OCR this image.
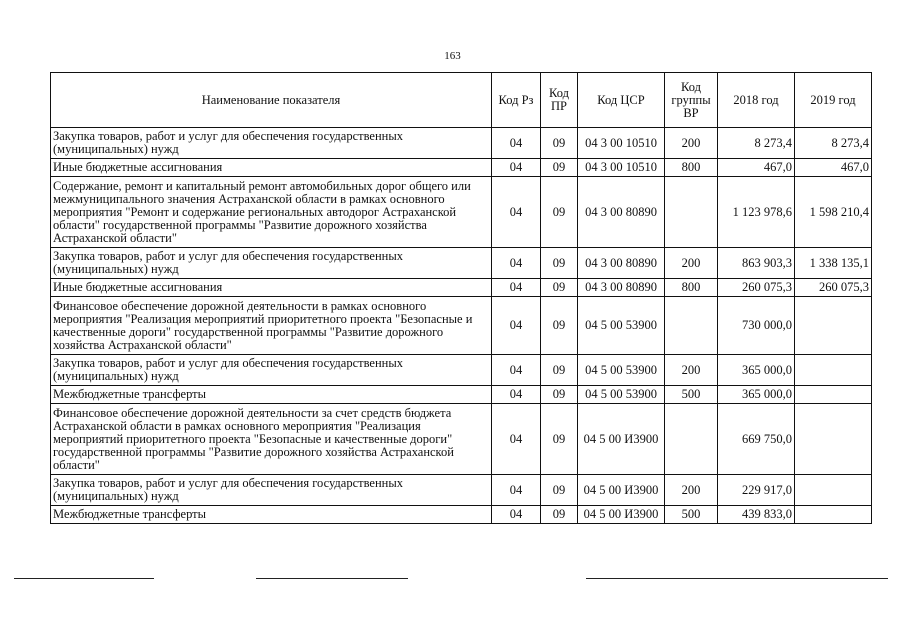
163
Наименование показателя	Код Рз	Код ПР	Код ЦСР	Код группы ВР	2018 год	2019 год
Закупка товаров, работ и услуг для обеспечения государственных (муниципальных) нужд	04	09	04 3 00 10510	200	8 273,4	8 273,4
Иные бюджетные ассигнования	04	09	04 3 00 10510	800	467,0	467,0
Содержание, ремонт и капитальный ремонт автомобильных дорог общего или межмуниципального значения Астраханской области в рамках основного мероприятия "Ремонт и содержание региональных автодорог Астраханской области" государственной программы "Развитие дорожного хозяйства Астраханской области"	04	09	04 3 00 80890		1 123 978,6	1 598 210,4
Закупка товаров, работ и услуг для обеспечения государственных (муниципальных) нужд	04	09	04 3 00 80890	200	863 903,3	1 338 135,1
Иные бюджетные ассигнования	04	09	04 3 00 80890	800	260 075,3	260 075,3
Финансовое обеспечение дорожной деятельности в рамках основного мероприятия "Реализация мероприятий приоритетного проекта "Безопасные и качественные дороги" государственной программы "Развитие дорожного хозяйства Астраханской области"	04	09	04 5 00 53900		730 000,0	
Закупка товаров, работ и услуг для обеспечения государственных (муниципальных) нужд	04	09	04 5 00 53900	200	365 000,0	
Межбюджетные трансферты	04	09	04 5 00 53900	500	365 000,0	
Финансовое обеспечение дорожной деятельности за счет средств бюджета Астраханской области в рамках основного мероприятия "Реализация мероприятий приоритетного проекта "Безопасные и качественные дороги" государственной программы "Развитие дорожного хозяйства Астраханской области"	04	09	04 5 00 И3900		669 750,0	
Закупка товаров, работ и услуг для обеспечения государственных (муниципальных) нужд	04	09	04 5 00 И3900	200	229 917,0	
Межбюджетные трансферты	04	09	04 5 00 И3900	500	439 833,0	
